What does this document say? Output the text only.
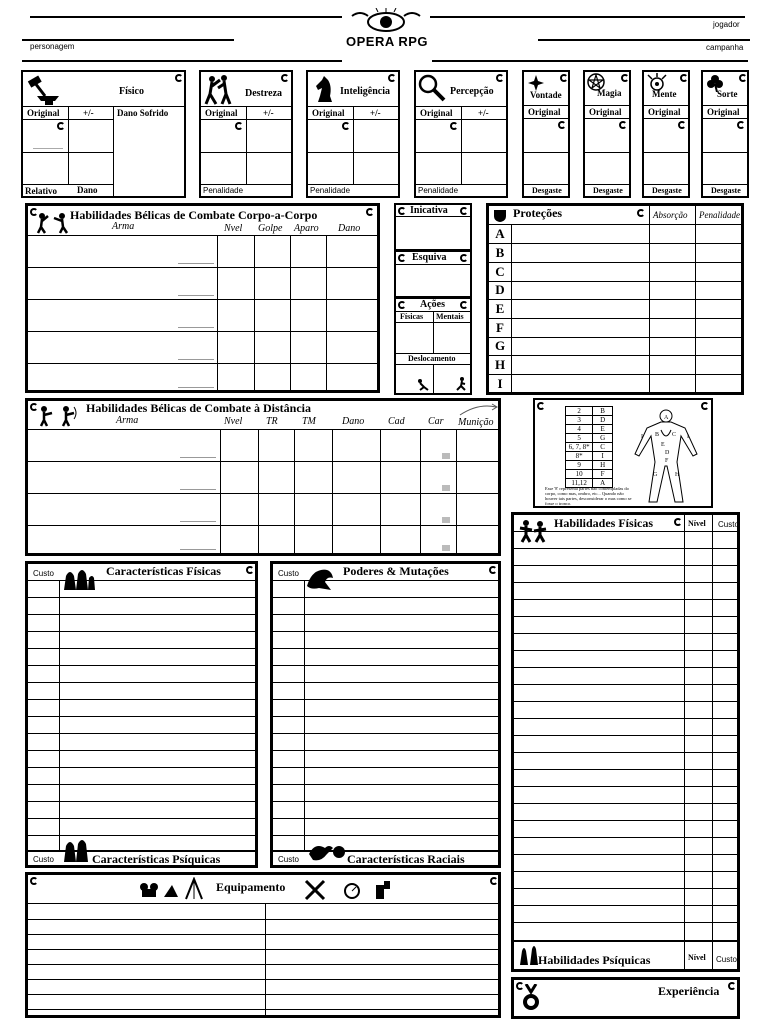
jogador
personagem	campanha
OPERA RPG
Físico
Original	+/-	Dano Sofrido
Relativo Dano
Destreza
Original	+/-
Penalidade
Inteligência
Original	+/-
Penalidade
Percepção
Original	+/-
Penalidade
Vontade
Original
Desgaste
Magia
Original
Desgaste
Mente
Original
Desgaste
Sorte
Original
Desgaste
Habilidades Bélicas de Combate Corpo-a-Corpo
Arma	Nvel Golpe Aparo Dano
Inicativa
Esquiva
Ações
Físicas Mentais
Deslocamento
Proteções	Absorção Penalidade
A
B
C
D
E
F
G
H
I
Habilidades Bélicas de Combate à Distância
Arma	Nvel TR TM	Dano Cad Car Munição
2	B
3	D
4	E
5	G
6, 7, 8*	C
8*	I
9	H
10	F
11,12	A
Esse '8' representa partes não contempladas do corpo, como mas, ombro, etc... Quando não houver tais partes, desconsiderar o mas como se fosse o tronco.
A
I	I
B C
E
D
F
G	H
Habilidades Físicas	Nível Custo
Habilidades Psíquicas	Nível Custo
Custo	Características Físicas
Custo	Características Psíquicas
Custo	Poderes & Mutações
Custo	Características Raciais
Equipamento
Experiência
